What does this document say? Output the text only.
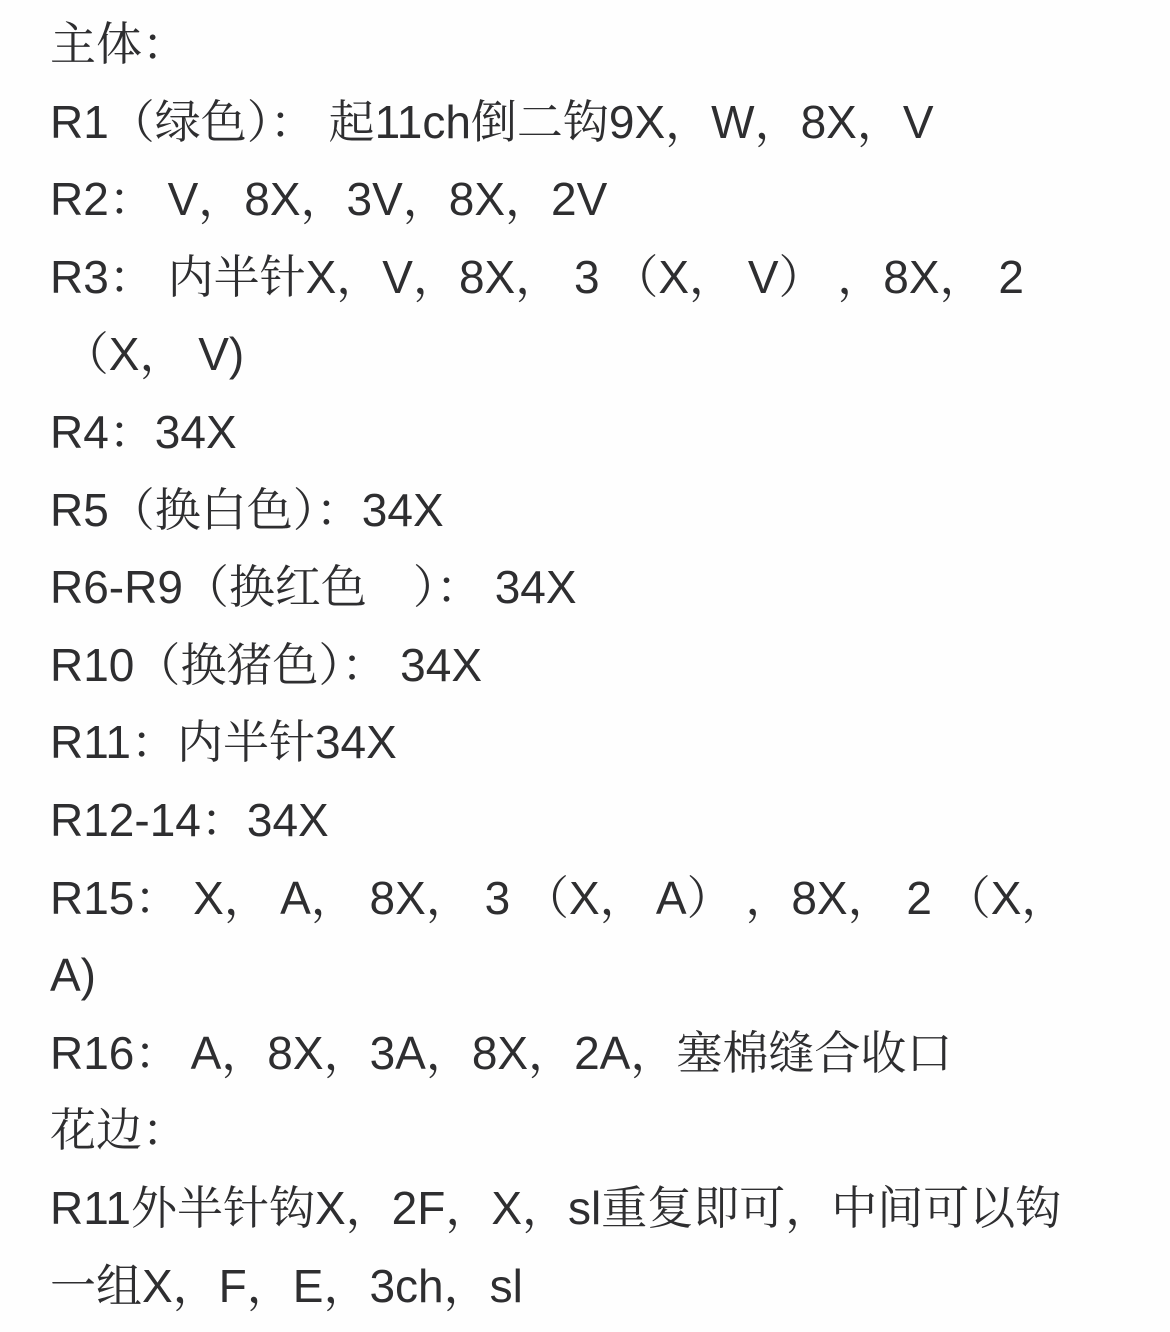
主体：
R1（绿色）： 起11ch倒二钩9X，W，8X，V
R2： V，8X，3V，8X，2V
R3： 内半针X，V，8X， 3 （X， V） ，8X， 2
（X， V)
R4：34X
R5（换白色）：34X
R6-R9（换红色　）： 34X
R10（换猪色）： 34X
R11：内半针34X
R12-14：34X
R15： X， A， 8X， 3 （X， A） ，8X， 2 （X，
A)
R16： A，8X，3A，8X，2A，塞棉缝合收口
花边：
R11外半针钩X，2F，X，sl重复即可，中间可以钩
一组X，F，E，3ch，sl
